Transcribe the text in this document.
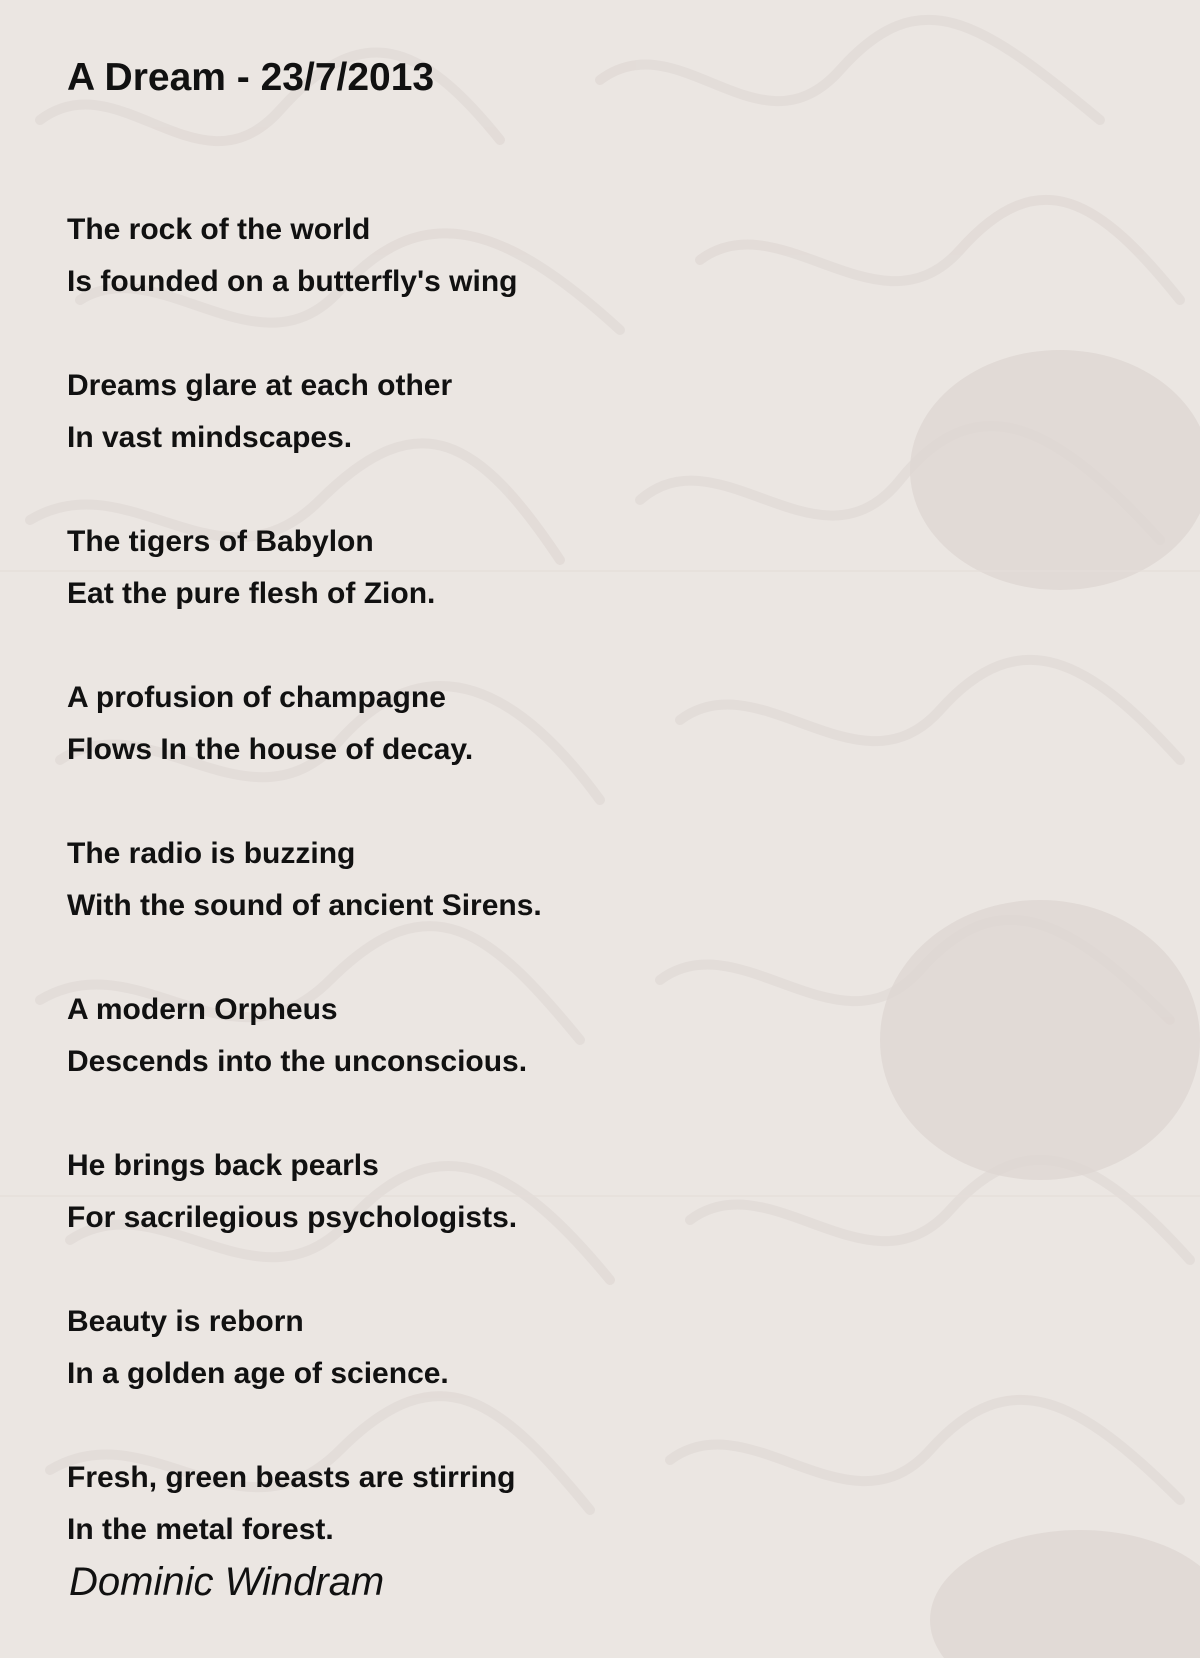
A Dream - 23/7/2013

The rock of the world
Is founded on a butterfly's wing

Dreams glare at each other
In vast mindscapes.

The tigers of Babylon
Eat the pure flesh of Zion.

A profusion of champagne
Flows In the house of decay.

The radio is buzzing
With the sound of ancient Sirens.

A modern Orpheus
Descends into the unconscious.

He brings back pearls
For sacrilegious psychologists.

Beauty is reborn
In a golden age of science.

Fresh, green beasts are stirring
In the metal forest.

Dominic Windram
